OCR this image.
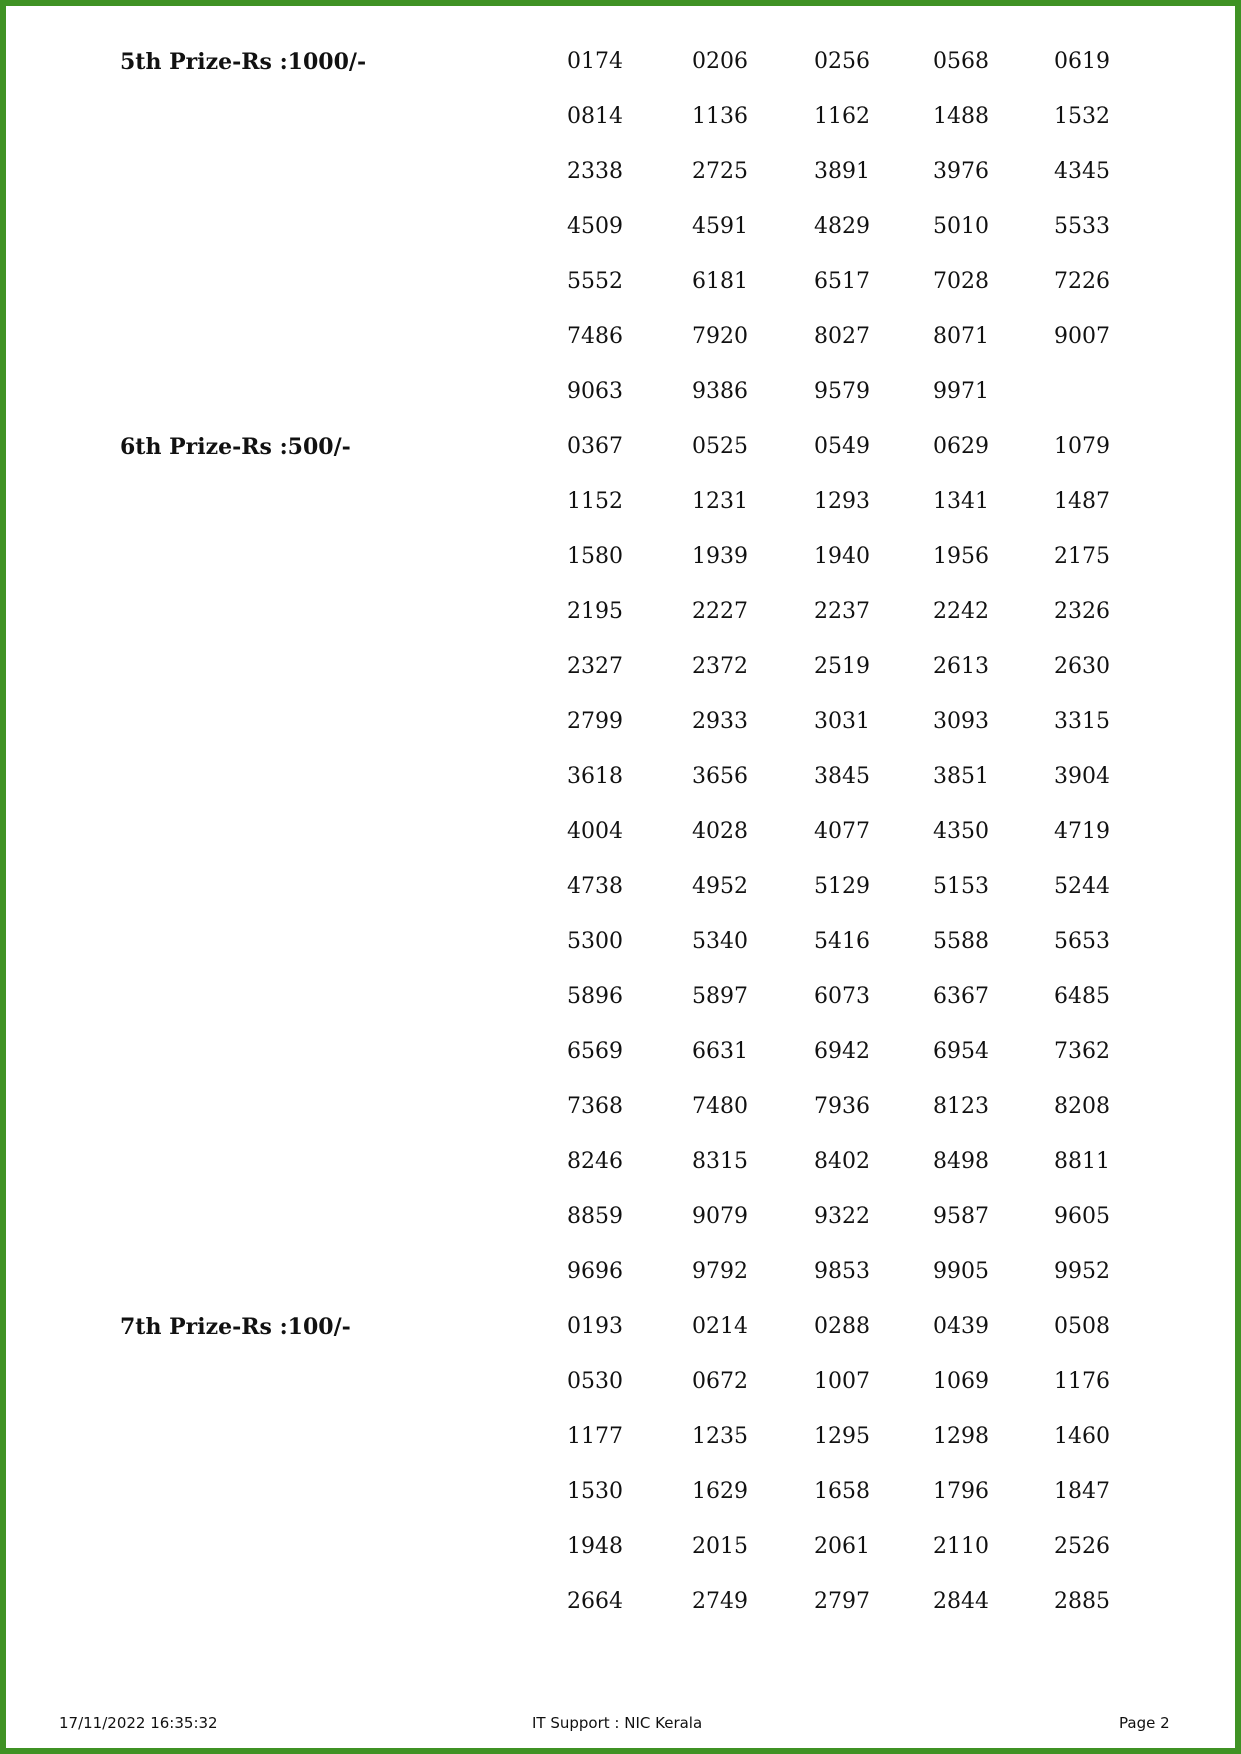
5th Prize-Rs :1000/-	0174	0206	0256	0568	0619
0814	1136	1162	1488	1532
2338	2725	3891	3976	4345
4509	4591	4829	5010	5533
5552	6181	6517	7028	7226
7486	7920	8027	8071	9007
9063	9386	9579	9971
6th Prize-Rs :500/-	0367	0525	0549	0629	1079
1152	1231	1293	1341	1487
1580	1939	1940	1956	2175
2195	2227	2237	2242	2326
2327	2372	2519	2613	2630
2799	2933	3031	3093	3315
3618	3656	3845	3851	3904
4004	4028	4077	4350	4719
4738	4952	5129	5153	5244
5300	5340	5416	5588	5653
5896	5897	6073	6367	6485
6569	6631	6942	6954	7362
7368	7480	7936	8123	8208
8246	8315	8402	8498	8811
8859	9079	9322	9587	9605
9696	9792	9853	9905	9952
7th Prize-Rs :100/-	0193	0214	0288	0439	0508
0530	0672	1007	1069	1176
1177	1235	1295	1298	1460
1530	1629	1658	1796	1847
1948	2015	2061	2110	2526
2664	2749	2797	2844	2885
17/11/2022 16:35:32	IT Support : NIC Kerala	Page 2
